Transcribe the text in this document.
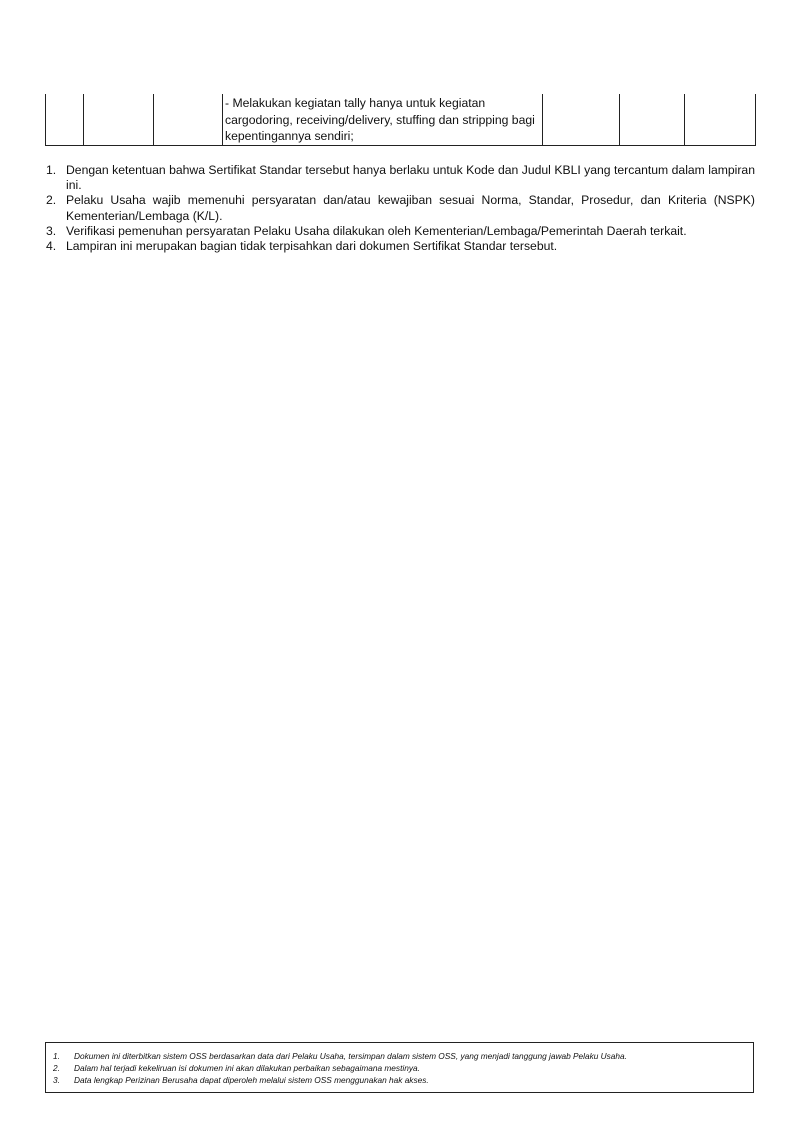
- Melakukan kegiatan tally hanya untuk kegiatan
cargodoring, receiving/delivery, stuffing dan stripping bagi
kepentingannya sendiri;

1. Dengan ketentuan bahwa Sertifikat Standar tersebut hanya berlaku untuk Kode dan Judul KBLI yang tercantum dalam lampiran ini.
2. Pelaku Usaha wajib memenuhi persyaratan dan/atau kewajiban sesuai Norma, Standar, Prosedur, dan Kriteria (NSPK) Kementerian/Lembaga (K/L).
3. Verifikasi pemenuhan persyaratan Pelaku Usaha dilakukan oleh Kementerian/Lembaga/Pemerintah Daerah terkait.
4. Lampiran ini merupakan bagian tidak terpisahkan dari dokumen Sertifikat Standar tersebut.
1. Dokumen ini diterbitkan sistem OSS berdasarkan data dari Pelaku Usaha, tersimpan dalam sistem OSS, yang menjadi tanggung jawab Pelaku Usaha.
2. Dalam hal terjadi kekeliruan isi dokumen ini akan dilakukan perbaikan sebagaimana mestinya.
3. Data lengkap Perizinan Berusaha dapat diperoleh melalui sistem OSS menggunakan hak akses.
